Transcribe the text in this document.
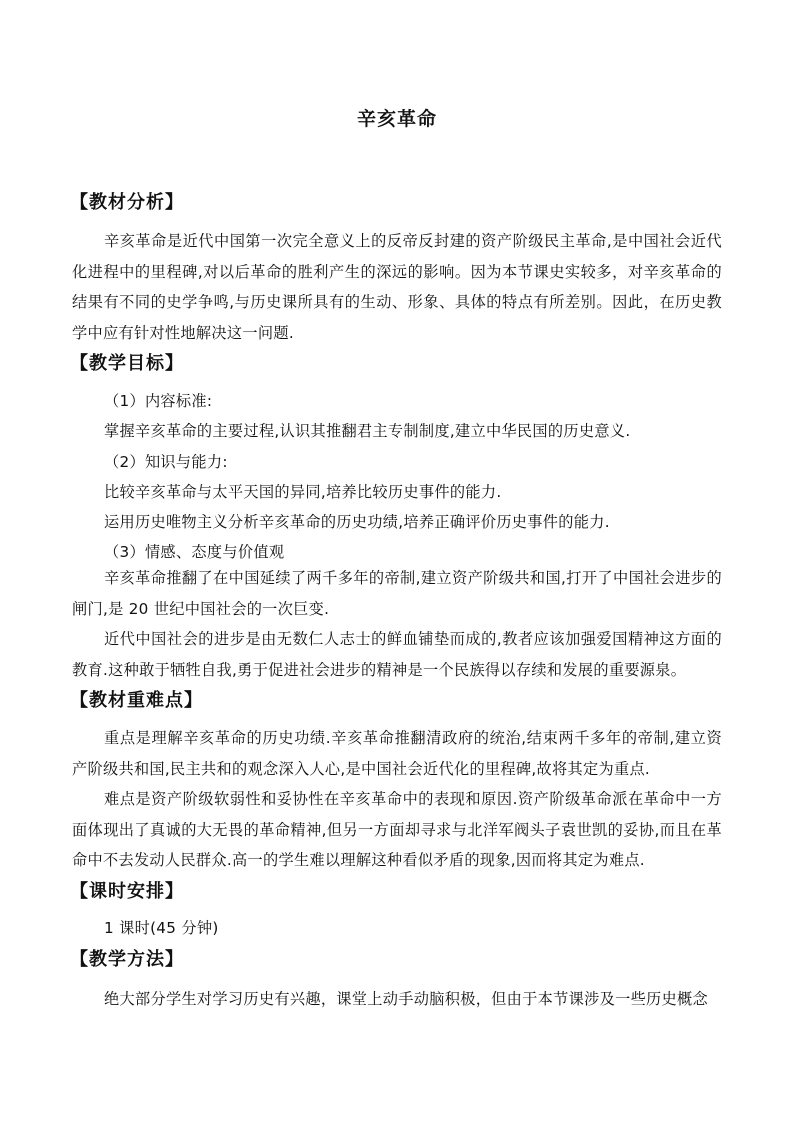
辛亥革命
【教材分析】
辛亥革命是近代中国第一次完全意义上的反帝反封建的资产阶级民主革命,是中国社会近代化进程中的里程碑,对以后革命的胜利产生的深远的影响。因为本节课史实较多，对辛亥革命的结果有不同的史学争鸣,与历史课所具有的生动、形象、具体的特点有所差别。因此，在历史教学中应有针对性地解决这一问题.
【教学目标】
（1）内容标准:
掌握辛亥革命的主要过程,认识其推翻君主专制制度,建立中华民国的历史意义.
（2）知识与能力:
比较辛亥革命与太平天国的异同,培养比较历史事件的能力.
运用历史唯物主义分析辛亥革命的历史功绩,培养正确评价历史事件的能力.
（3）情感、态度与价值观
辛亥革命推翻了在中国延续了两千多年的帝制,建立资产阶级共和国,打开了中国社会进步的闸门,是 20 世纪中国社会的一次巨变.
近代中国社会的进步是由无数仁人志士的鲜血铺垫而成的,教者应该加强爱国精神这方面的教育.这种敢于牺牲自我,勇于促进社会进步的精神是一个民族得以存续和发展的重要源泉。
【教材重难点】
重点是理解辛亥革命的历史功绩.辛亥革命推翻清政府的统治,结束两千多年的帝制,建立资产阶级共和国,民主共和的观念深入人心,是中国社会近代化的里程碑,故将其定为重点.
难点是资产阶级软弱性和妥协性在辛亥革命中的表现和原因.资产阶级革命派在革命中一方面体现出了真诚的大无畏的革命精神,但另一方面却寻求与北洋军阀头子袁世凯的妥协,而且在革命中不去发动人民群众.高一的学生难以理解这种看似矛盾的现象,因而将其定为难点.
【课时安排】
1 课时(45 分钟)
【教学方法】
绝大部分学生对学习历史有兴趣，课堂上动手动脑积极，但由于本节课涉及一些历史概念
